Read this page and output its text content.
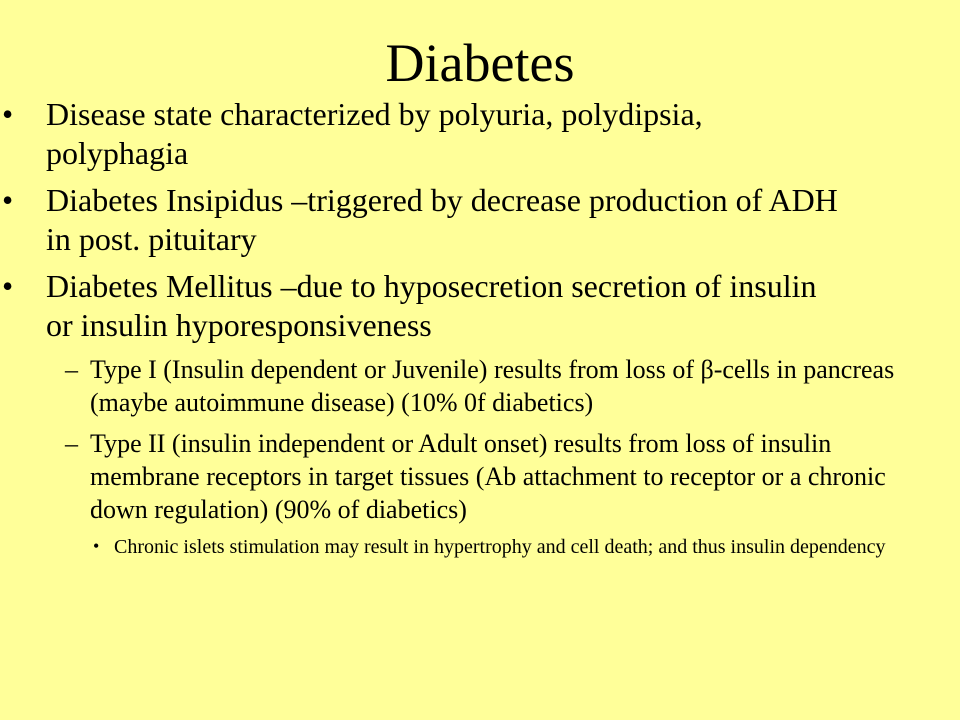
Diabetes
• Disease state characterized by polyuria, polydipsia, polyphagia
• Diabetes Insipidus –triggered by decrease production of ADH in post. pituitary
• Diabetes Mellitus –due to hyposecretion secretion of insulin or insulin hyporesponsiveness
– Type I (Insulin dependent or Juvenile) results from loss of β-cells in pancreas (maybe autoimmune disease) (10% 0f diabetics)
– Type II (insulin independent or Adult onset) results from loss of insulin membrane receptors in target tissues (Ab attachment to receptor or a chronic down regulation) (90% of diabetics)
• Chronic islets stimulation may result in hypertrophy and cell death; and thus insulin dependency
